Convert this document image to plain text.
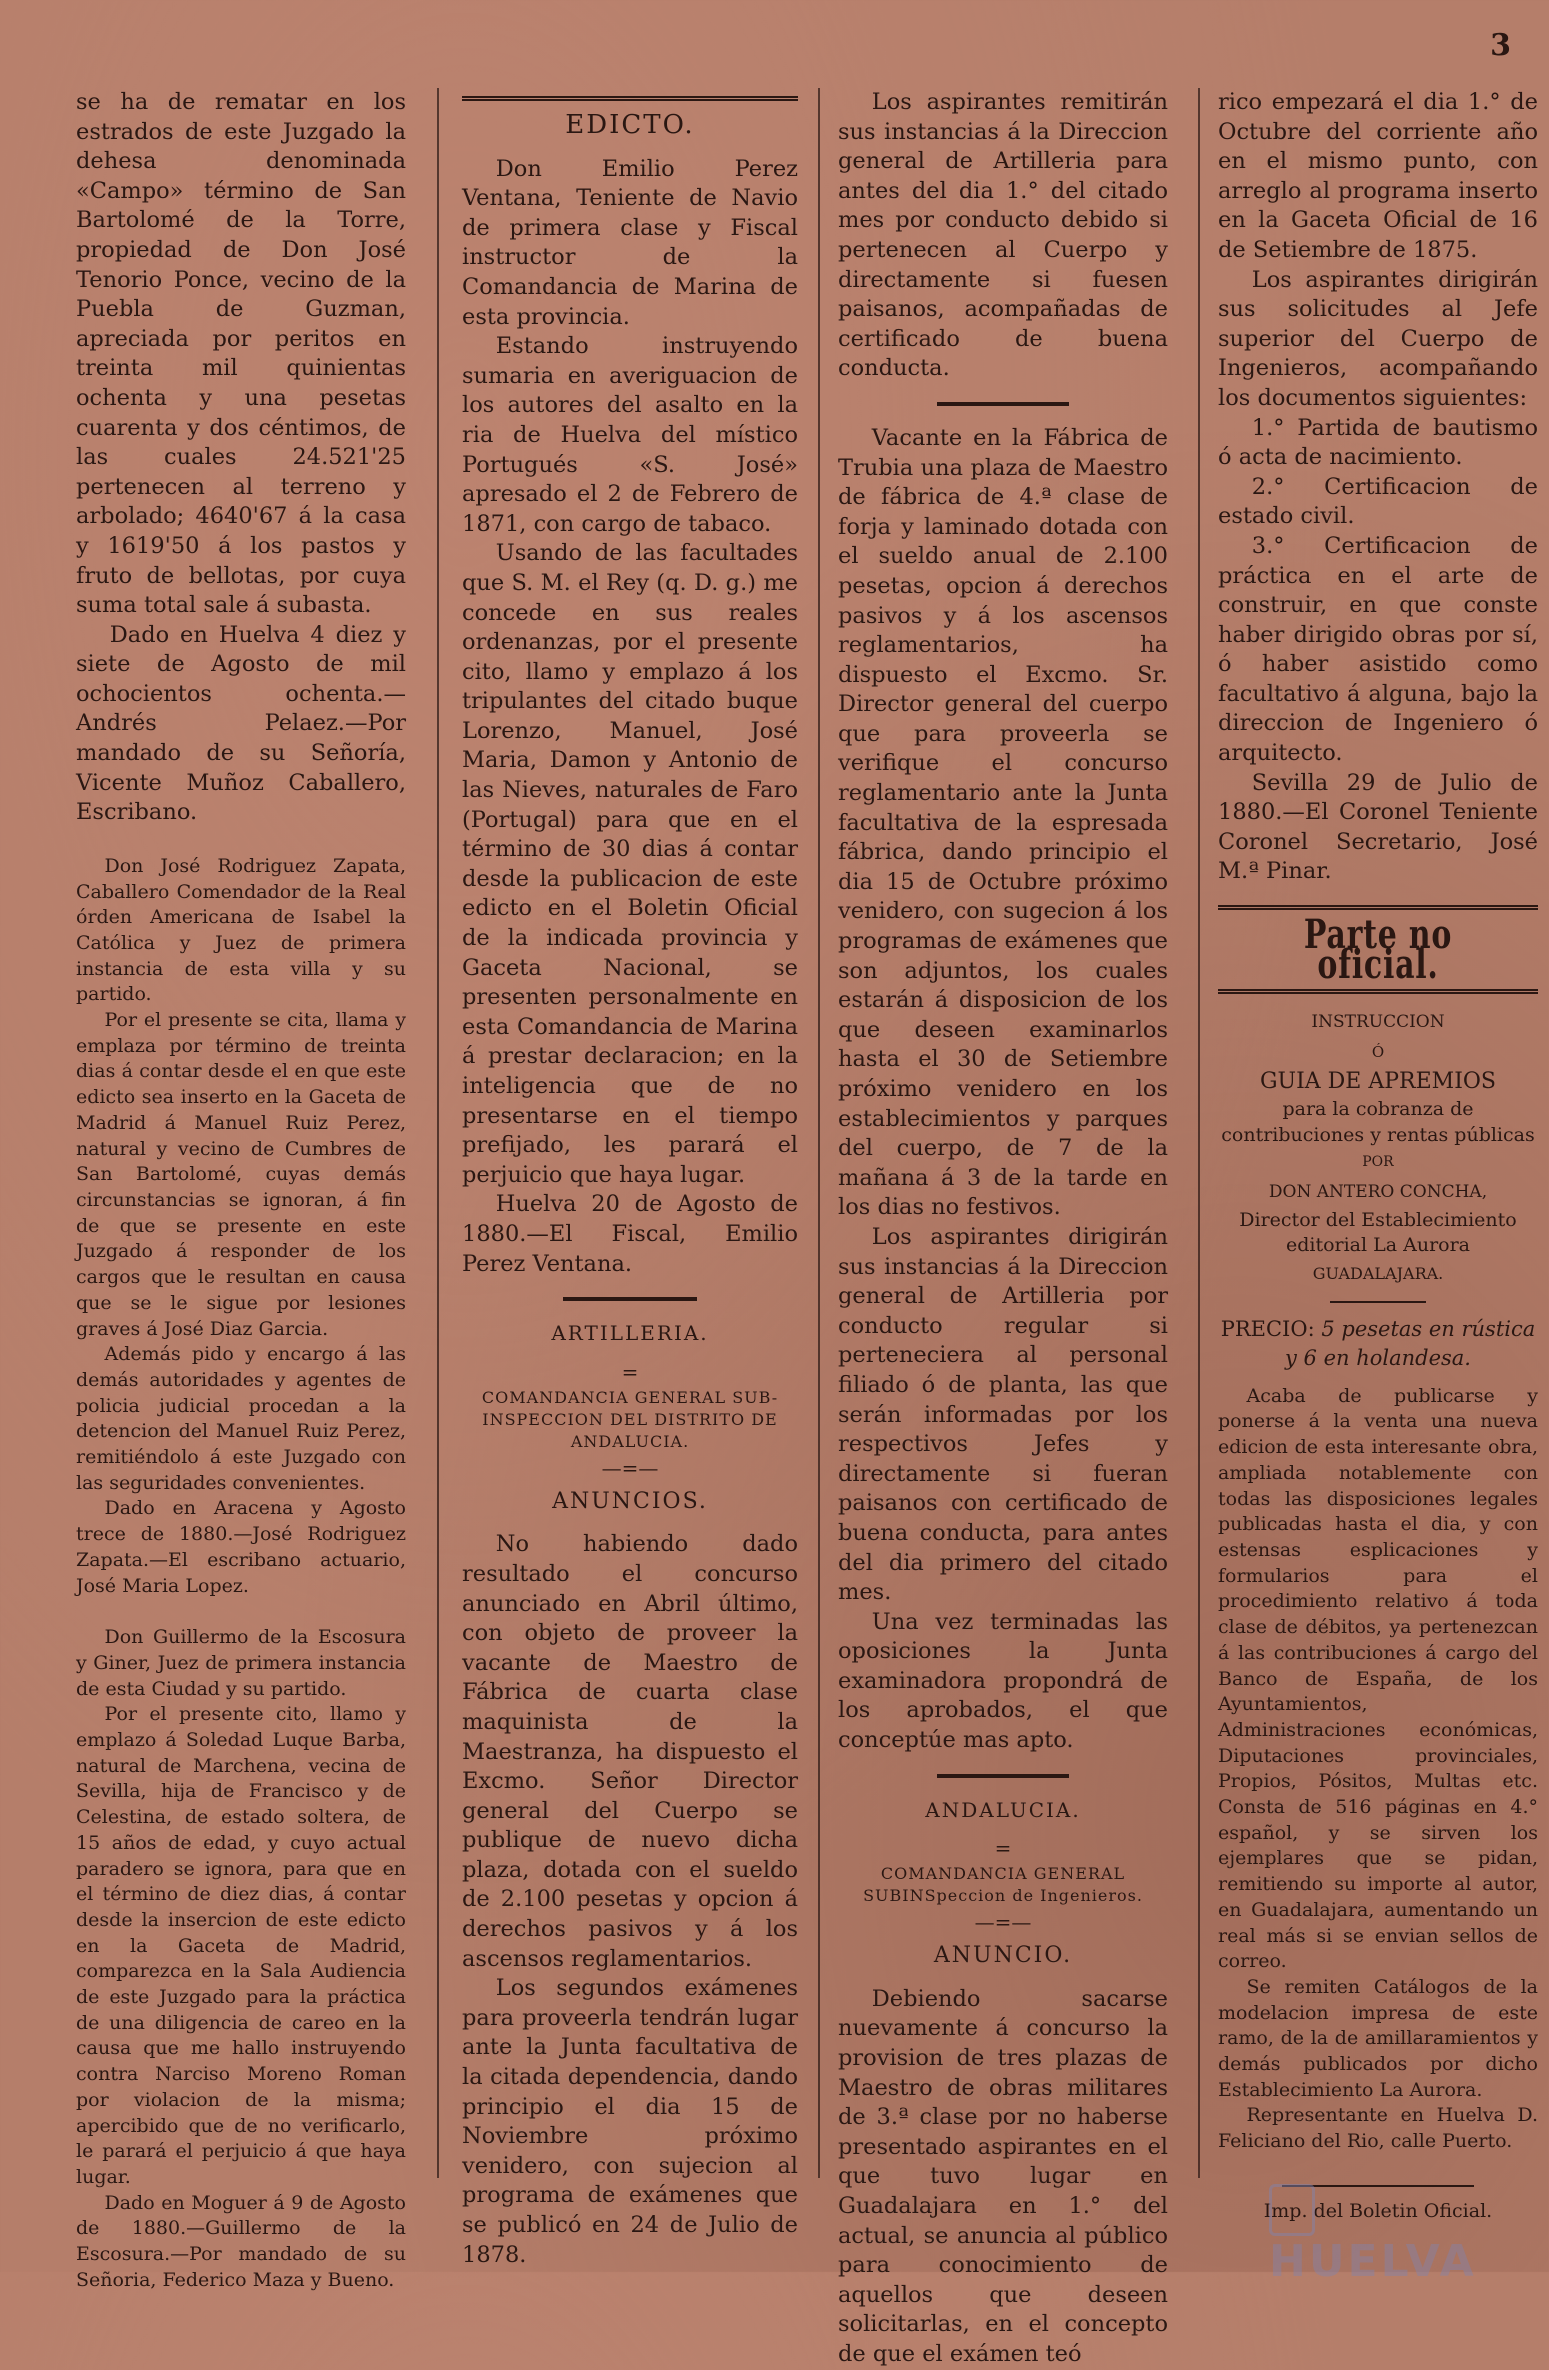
3

se ha de rematar en los estrados de este Juzgado la dehesa denominada «Campo» término de San Bartolomé de la Torre, propiedad de Don José Tenorio Ponce, vecino de la Puebla de Guzman, apreciada por peritos en treinta mil quinientas ochenta y una pesetas cuarenta y dos céntimos, de las cuales 24.521'25 pertenecen al terreno y arbolado; 4640'67 á la casa y 1619'50 á los pastos y fruto de bellotas, por cuya suma total sale á subasta.

Dado en Huelva 4 diez y siete de Agosto de mil ochocientos ochenta.—Andrés Pelaez.—Por mandado de su Señoría, Vicente Muñoz Caballero, Escribano.

Don José Rodriguez Zapata, Caballero Comendador de la Real órden Americana de Isabel la Católica y Juez de primera instancia de esta villa y su partido.

Por el presente se cita, llama y emplaza por término de treinta dias á contar desde el en que este edicto sea inserto en la Gaceta de Madrid á Manuel Ruiz Perez, natural y vecino de Cumbres de San Bartolomé, cuyas demás circunstancias se ignoran, á fin de que se presente en este Juzgado á responder de los cargos que le resultan en causa que se le sigue por lesiones graves á José Diaz Garcia.

Además pido y encargo á las demás autoridades y agentes de policia judicial procedan a la detencion del Manuel Ruiz Perez, remitiéndolo á este Juzgado con las seguridades convenientes.

Dado en Aracena y Agosto trece de 1880.—José Rodriguez Zapata.—El escribano actuario, José Maria Lopez.

Don Guillermo de la Escosura y Giner, Juez de primera instancia de esta Ciudad y su partido.

Por el presente cito, llamo y emplazo á Soledad Luque Barba, natural de Marchena, vecina de Sevilla, hija de Francisco y de Celestina, de estado soltera, de 15 años de edad, y cuyo actual paradero se ignora, para que en el término de diez dias, á contar desde la insercion de este edicto en la Gaceta de Madrid, comparezca en la Sala Audiencia de este Juzgado para la práctica de una diligencia de careo en la causa que me hallo instruyendo contra Narciso Moreno Roman por violacion de la misma; apercibido que de no verificarlo, le parará el perjuicio á que haya lugar.

Dado en Moguer á 9 de Agosto de 1880.—Guillermo de la Escosura.—Por mandado de su Señoria, Federico Maza y Bueno.

EDICTO.

Don Emilio Perez Ventana, Teniente de Navio de primera clase y Fiscal instructor de la Comandancia de Marina de esta provincia.

Estando instruyendo sumaria en averiguacion de los autores del asalto en la ria de Huelva del místico Portugués «S. José» apresado el 2 de Febrero de 1871, con cargo de tabaco.

Usando de las facultades que S. M. el Rey (q. D. g.) me concede en sus reales ordenanzas, por el presente cito, llamo y emplazo á los tripulantes del citado buque Lorenzo, Manuel, José Maria, Damon y Antonio de las Nieves, naturales de Faro (Portugal) para que en el término de 30 dias á contar desde la publicacion de este edicto en el Boletin Oficial de la indicada provincia y Gaceta Nacional, se presenten personalmente en esta Comandancia de Marina á prestar declaracion; en la inteligencia que de no presentarse en el tiempo prefijado, les parará el perjuicio que haya lugar.

Huelva 20 de Agosto de 1880.—El Fiscal, Emilio Perez Ventana.

ARTILLERIA.
=
COMANDANCIA GENERAL SUB-INSPECCION DEL DISTRITO DE ANDALUCIA.
—=—
ANUNCIOS.

No habiendo dado resultado el concurso anunciado en Abril último, con objeto de proveer la vacante de Maestro de Fábrica de cuarta clase maquinista de la Maestranza, ha dispuesto el Excmo. Señor Director general del Cuerpo se publique de nuevo dicha plaza, dotada con el sueldo de 2.100 pesetas y opcion á derechos pasivos y á los ascensos reglamentarios.

Los segundos exámenes para proveerla tendrán lugar ante la Junta facultativa de la citada dependencia, dando principio el dia 15 de Noviembre próximo venidero, con sujecion al programa de exámenes que se publicó en 24 de Julio de 1878.

Los aspirantes remitirán sus instancias á la Direccion general de Artilleria para antes del dia 1.° del citado mes por conducto debido si pertenecen al Cuerpo y directamente si fuesen paisanos, acompañadas de certificado de buena conducta.

Vacante en la Fábrica de Trubia una plaza de Maestro de fábrica de 4.ª clase de forja y laminado dotada con el sueldo anual de 2.100 pesetas, opcion á derechos pasivos y á los ascensos reglamentarios, ha dispuesto el Excmo. Sr. Director general del cuerpo que para proveerla se verifique el concurso reglamentario ante la Junta facultativa de la espresada fábrica, dando principio el dia 15 de Octubre próximo venidero, con sugecion á los programas de exámenes que son adjuntos, los cuales estarán á disposicion de los que deseen examinarlos hasta el 30 de Setiembre próximo venidero en los establecimientos y parques del cuerpo, de 7 de la mañana á 3 de la tarde en los dias no festivos.

Los aspirantes dirigirán sus instancias á la Direccion general de Artilleria por conducto regular si perteneciera al personal filiado ó de planta, las que serán informadas por los respectivos Jefes y directamente si fueran paisanos con certificado de buena conducta, para antes del dia primero del citado mes.

Una vez terminadas las oposiciones la Junta examinadora propondrá de los aprobados, el que conceptúe mas apto.

ANDALUCIA.
=
COMANDANCIA GENERAL SUBINSpeccion de Ingenieros.
—=—
ANUNCIO.

Debiendo sacarse nuevamente á concurso la provision de tres plazas de Maestro de obras militares de 3.ª clase por no haberse presentado aspirantes en el que tuvo lugar en Guadalajara en 1.° del actual, se anuncia al público para conocimiento de aquellos que deseen solicitarlas, en el concepto de que el exámen teó

rico empezará el dia 1.° de Octubre del corriente año en el mismo punto, con arreglo al programa inserto en la Gaceta Oficial de 16 de Setiembre de 1875.

Los aspirantes dirigirán sus solicitudes al Jefe superior del Cuerpo de Ingenieros, acompañando los documentos siguientes:

1.° Partida de bautismo ó acta de nacimiento.

2.° Certificacion de estado civil.

3.° Certificacion de práctica en el arte de construir, en que conste haber dirigido obras por sí, ó haber asistido como facultativo á alguna, bajo la direccion de Ingeniero ó arquitecto.

Sevilla 29 de Julio de 1880.—El Coronel Teniente Coronel Secretario, José M.ª Pinar.

Parte no oficial.
INSTRUCCION
Ó
GUIA DE APREMIOS
para la cobranza de contribuciones y rentas públicas
POR
DON ANTERO CONCHA,
Director del Establecimiento editorial La Aurora
GUADALAJARA.
PRECIO: 5 pesetas en rústica y 6 en holandesa.

Acaba de publicarse y ponerse á la venta una nueva edicion de esta interesante obra, ampliada notablemente con todas las disposiciones legales publicadas hasta el dia, y con estensas esplicaciones y formularios para el procedimiento relativo á toda clase de débitos, ya pertenezcan á las contribuciones á cargo del Banco de España, de los Ayuntamientos, Administraciones económicas, Diputaciones provinciales, Propios, Pósitos, Multas etc. Consta de 516 páginas en 4.° español, y se sirven los ejemplares que se pidan, remitiendo su importe al autor, en Guadalajara, aumentando un real más si se envian sellos de correo.

Se remiten Catálogos de la modelacion impresa de este ramo, de la de amillaramientos y demás publicados por dicho Establecimiento La Aurora.

Representante en Huelva D. Feliciano del Rio, calle Puerto.

Imp. del Boletin Oficial.
HUELVA
